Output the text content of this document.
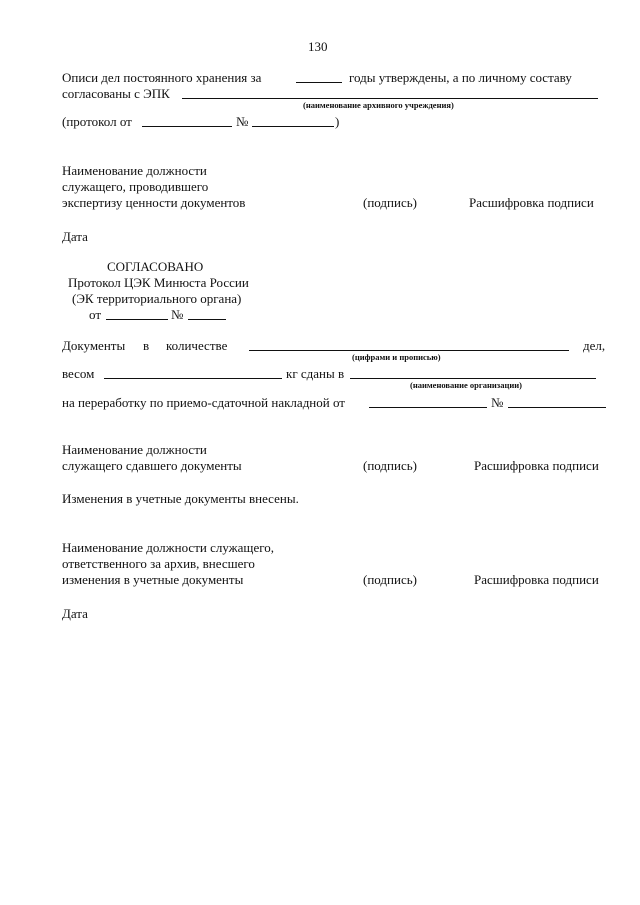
130
Описи дел постоянного хранения за	годы утверждены, а по личному составу
согласованы с ЭПК
(наименование архивного учреждения)
(протокол от	№	)
Наименование должности
служащего, проводившего
экспертизу ценности документов	(подпись)	Расшифровка подписи
Дата
СОГЛАСОВАНО
Протокол ЦЭК Минюста России
(ЭК территориального органа)
от	№
Документы в количестве	дел,
(цифрами и прописью)
весом	кг сданы в
(наименование организации)
на переработку по приемо-сдаточной накладной от	№
Наименование должности
служащего сдавшего документы	(подпись)	Расшифровка подписи
Изменения в учетные документы внесены.
Наименование должности служащего,
ответственного за архив, внесшего
изменения в учетные документы	(подпись)	Расшифровка подписи
Дата
